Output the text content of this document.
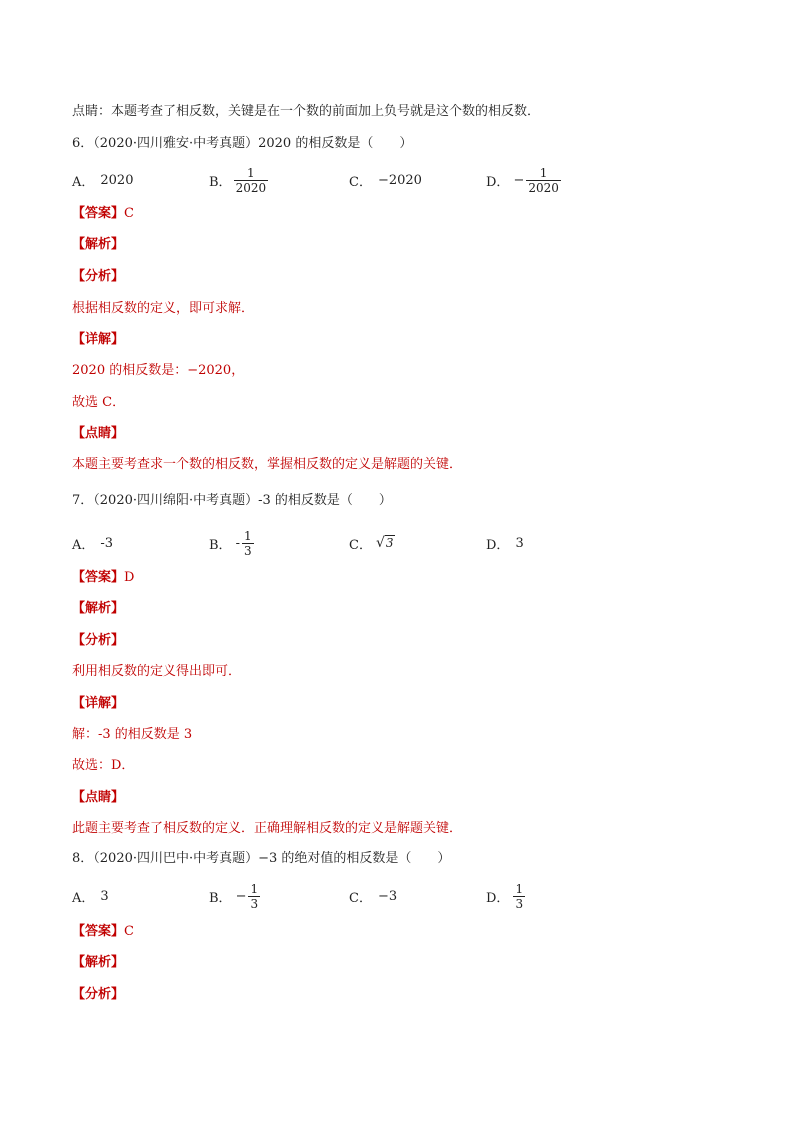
点睛：本题考查了相反数，关键是在一个数的前面加上负号就是这个数的相反数．
6．（2020·四川雅安·中考真题）2020 的相反数是（　　）
A． 2020	B． $\frac{1}{2020}$	C． −2020	D． − $\frac{1}{2020}$
【答案】C
【解析】
【分析】
根据相反数的定义，即可求解．
【详解】
2020 的相反数是：−2020，
故选 C．
【点睛】
本题主要考查求一个数的相反数，掌握相反数的定义是解题的关键．
7．（2020·四川绵阳·中考真题）-3 的相反数是（　　）
A． -3	B． - $\frac{1}{3}$	C． √ 3	D． 3
【答案】D
【解析】
【分析】
利用相反数的定义得出即可．
【详解】
解：-3 的相反数是 3
故选：D．
【点睛】
此题主要考查了相反数的定义．正确理解相反数的定义是解题关键．
8．（2020·四川巴中·中考真题）−3 的绝对值的相反数是（　　）
A． 3	B． − $\frac{1}{3}$	C． −3	D． $\frac{1}{3}$
【答案】C
【解析】
【分析】
